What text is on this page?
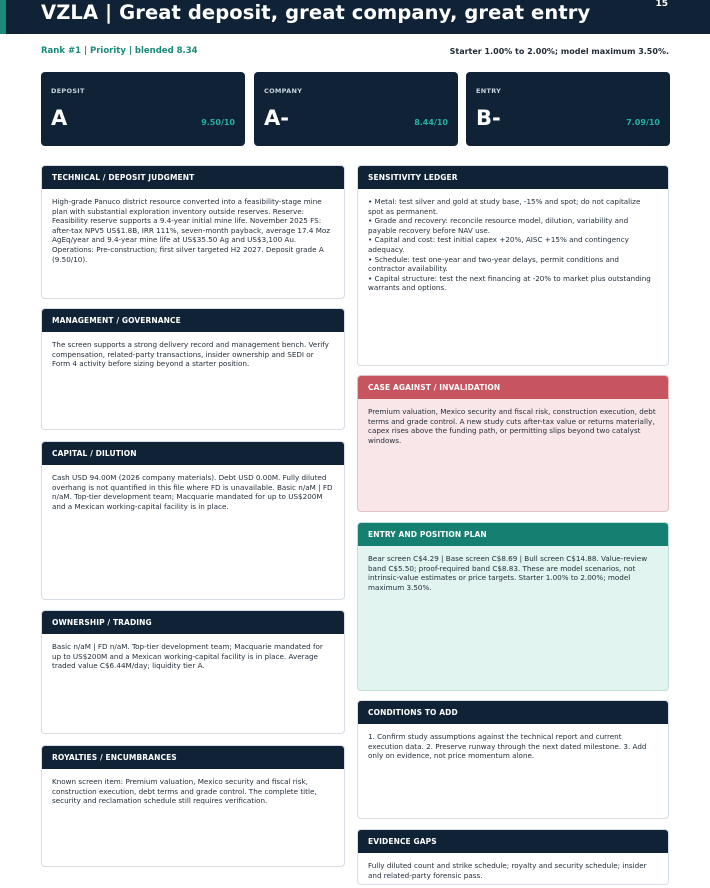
VZLA | Great deposit, great company, great entry	15
Rank #1 | Priority | blended 8.34	Starter 1.00% to 2.00%; model maximum 3.50%.
DEPOSIT
A	9.50/10
COMPANY
A-	8.44/10
ENTRY
B-	7.09/10
TECHNICAL / DEPOSIT JUDGMENT
High-grade Panuco district resource converted into a feasibility-stage mine plan with substantial exploration inventory outside reserves. Reserve: Feasibility reserve supports a 9.4-year initial mine life. November 2025 FS: after-tax NPV5 US$1.8B, IRR 111%, seven-month payback, average 17.4 Moz AgEq/year and 9.4-year mine life at US$35.50 Ag and US$3,100 Au. Operations: Pre-construction; first silver targeted H2 2027. Deposit grade A (9.50/10).
MANAGEMENT / GOVERNANCE
The screen supports a strong delivery record and management bench. Verify compensation, related-party transactions, insider ownership and SEDI or Form 4 activity before sizing beyond a starter position.
CAPITAL / DILUTION
Cash USD 94.00M (2026 company materials). Debt USD 0.00M. Fully diluted overhang is not quantified in this file where FD is unavailable. Basic n/aM | FD n/aM. Top-tier development team; Macquarie mandated for up to US$200M and a Mexican working-capital facility is in place.
OWNERSHIP / TRADING
Basic n/aM | FD n/aM. Top-tier development team; Macquarie mandated for up to US$200M and a Mexican working-capital facility is in place. Average traded value C$6.44M/day; liquidity tier A.
ROYALTIES / ENCUMBRANCES
Known screen item: Premium valuation, Mexico security and fiscal risk, construction execution, debt terms and grade control. The complete title, security and reclamation schedule still requires verification.
SENSITIVITY LEDGER
• Metal: test silver and gold at study base, -15% and spot; do not capitalize spot as permanent.
• Grade and recovery: reconcile resource model, dilution, variability and payable recovery before NAV use.
• Capital and cost: test initial capex +20%, AISC +15% and contingency adequacy.
• Schedule: test one-year and two-year delays, permit conditions and contractor availability.
• Capital structure: test the next financing at -20% to market plus outstanding warrants and options.
CASE AGAINST / INVALIDATION
Premium valuation, Mexico security and fiscal risk, construction execution, debt terms and grade control. A new study cuts after-tax value or returns materially, capex rises above the funding path, or permitting slips beyond two catalyst windows.
ENTRY AND POSITION PLAN
Bear screen C$4.29 | Base screen C$8.69 | Bull screen C$14.88. Value-review band C$5.50; proof-required band C$8.83. These are model scenarios, not intrinsic-value estimates or price targets. Starter 1.00% to 2.00%; model maximum 3.50%.
CONDITIONS TO ADD
1. Confirm study assumptions against the technical report and current execution data. 2. Preserve runway through the next dated milestone. 3. Add only on evidence, not price momentum alone.
EVIDENCE GAPS
Fully diluted count and strike schedule; royalty and security schedule; insider and related-party forensic pass.
